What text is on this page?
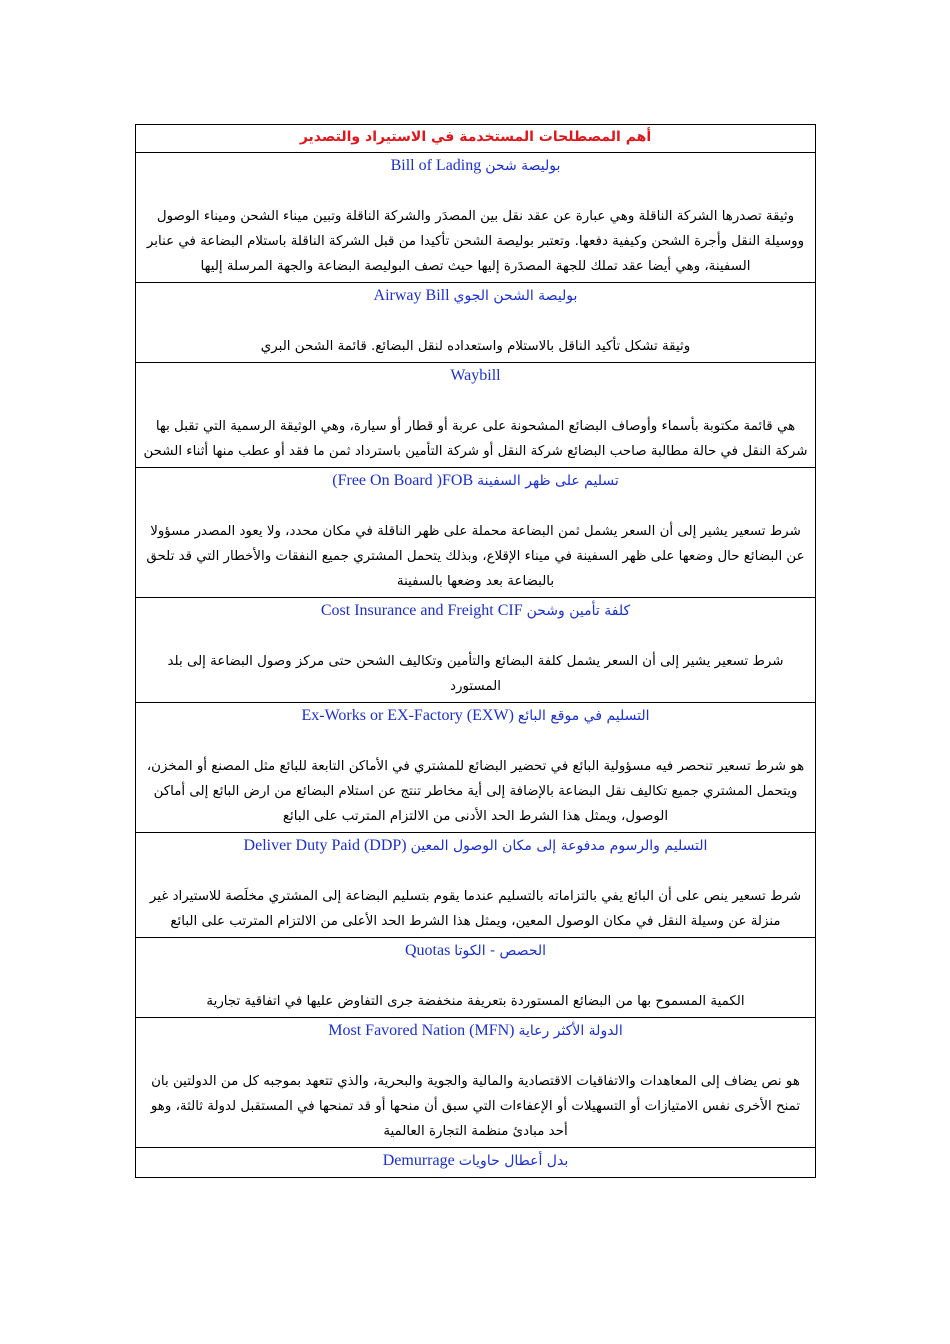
أهم المصطلحات المستخدمة في الاستيراد والتصدير

بوليصة شحن Bill of Lading

وثيقة تصدرها الشركة الناقلة وهي عبارة عن عقد نقل بين المصدَر والشركة الناقلة وتبين ميناء الشحن وميناء الوصول ووسيلة النقل وأجرة الشحن وكيفية دفعها. وتعتبر بوليصة الشحن تأكيدا من قبل الشركة الناقلة باستلام البضاعة في عنابر السفينة، وهي أيضا عقد تملك للجهة المصدَرة إليها حيث تصف البوليصة البضاعة والجهة المرسلة إليها

بوليصة الشحن الجوي Airway Bill

وثيقة تشكل تأكيد الناقل بالاستلام واستعداده لنقل البضائع. قائمة الشحن البري

Waybill

هي قائمة مكتوبة بأسماء وأوصاف البضائع المشحونة على عربة أو قطار أو سيارة، وهي الوثيقة الرسمية التي تقبل بها شركة النقل في حالة مطالبة صاحب البضائع شركة النقل أو شركة التأمين باسترداد ثمن ما فقد أو عطب منها أثناء الشحن

تسليم على ظهر السفينة Free On Board )FOB)

شرط تسعير يشير إلى أن السعر يشمل ثمن البضاعة محملة على ظهر الناقلة في مكان محدد، ولا يعود المصدر مسؤولا عن البضائع حال وضعها على ظهر السفينة في ميناء الإقلاع، وبذلك يتحمل المشتري جميع النفقات والأخطار التي قد تلحق بالبضاعة بعد وضعها بالسفينة

كلفة تأمين وشحن Cost Insurance and Freight CIF

شرط تسعير يشير إلى أن السعر يشمل كلفة البضائع والتأمين وتكاليف الشحن حتى مركز وصول البضاعة إلى بلد المستورد

التسليم في موقع البائع Ex-Works or EX-Factory (EXW)

هو شرط تسعير تنحصر فيه مسؤولية البائع في تحضير البضائع للمشتري في الأماكن التابعة للبائع مثل المصنع أو المخزن، ويتحمل المشتري جميع تكاليف نقل البضاعة بالإضافة إلى أية مخاطر تنتج عن استلام البضائع من ارض البائع إلى أماكن الوصول، ويمثل هذا الشرط الحد الأدنى من الالتزام المترتب على البائع

التسليم والرسوم مدفوعة إلى مكان الوصول المعين Deliver Duty Paid (DDP)

شرط تسعير ينص على أن البائع يفي بالتزاماته بالتسليم عندما يقوم بتسليم البضاعة إلى المشتري مخلَصة للاستيراد غير منزلة عن وسيلة النقل في مكان الوصول المعين، ويمثل هذا الشرط الحد الأعلى من الالتزام المترتب على البائع

الحصص - الكوتا Quotas

الكمية المسموح بها من البضائع المستوردة بتعريفة منخفضة جرى التفاوض عليها في اتفاقية تجارية

الدولة الأكثر رعاية Most Favored Nation (MFN)

هو نص يضاف إلى المعاهدات والاتفاقيات الاقتصادية والمالية والجوية والبحرية، والذي تتعهد بموجبه كل من الدولتين بان تمنح الأخرى نفس الامتيازات أو التسهيلات أو الإعفاءات التي سبق أن منحها أو قد تمنحها في المستقبل لدولة ثالثة، وهو أحد مبادئ منظمة التجارة العالمية

بدل أعطال حاويات Demurrage
